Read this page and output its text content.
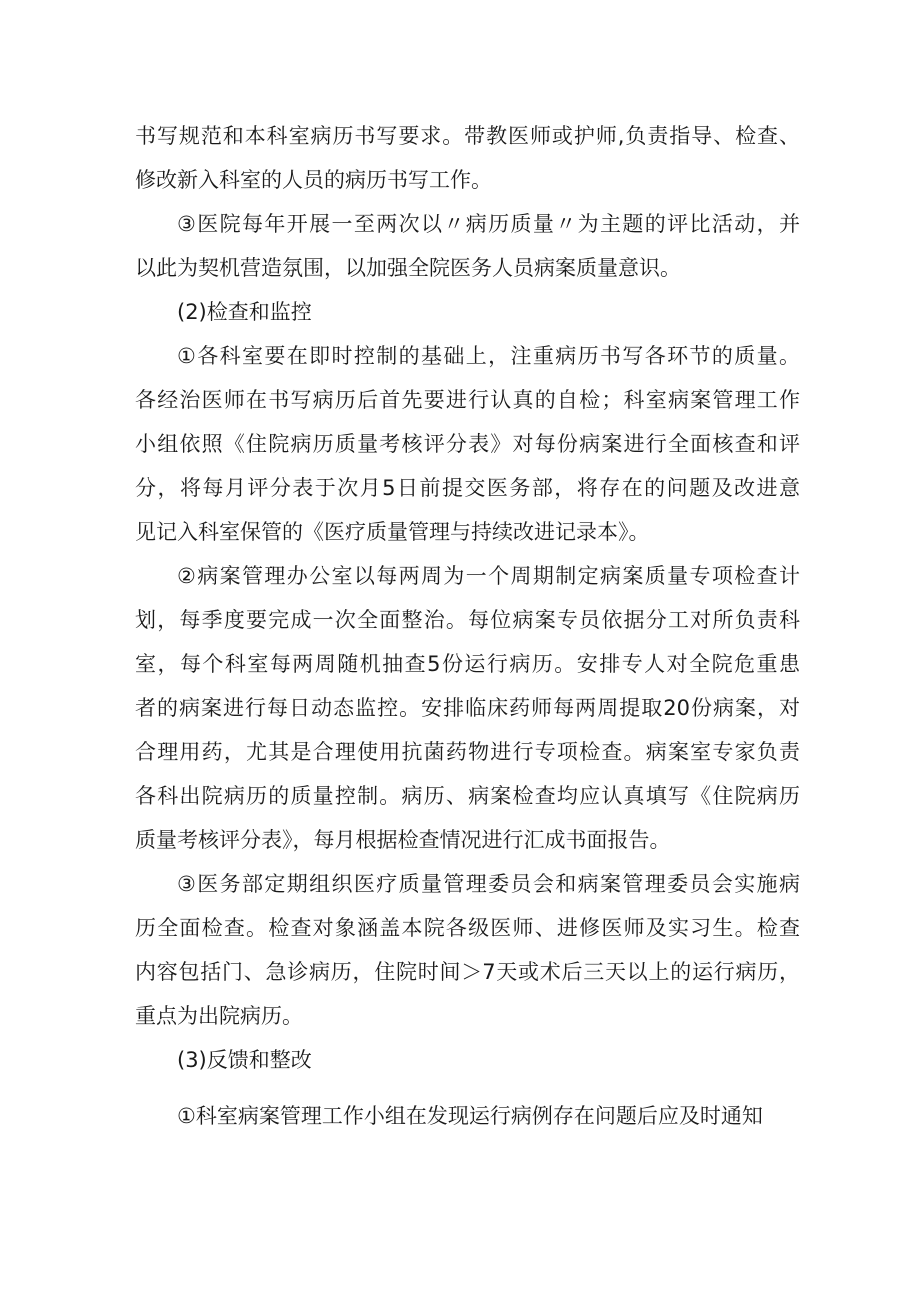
书写规范和本科室病历书写要求。带教医师或护师,负责指导、检查、

修改新入科室的人员的病历书写工作。

③医院每年开展一至两次以〃病历质量〃为主题的评比活动，并

以此为契机营造氛围，以加强全院医务人员病案质量意识。

(2)检查和监控

①各科室要在即时控制的基础上，注重病历书写各环节的质量。

各经治医师在书写病历后首先要进行认真的自检；科室病案管理工作

小组依照《住院病历质量考核评分表》对每份病案进行全面核查和评

分，将每月评分表于次月5日前提交医务部，将存在的问题及改进意

见记入科室保管的《医疗质量管理与持续改进记录本》。

②病案管理办公室以每两周为一个周期制定病案质量专项检查计

划，每季度要完成一次全面整治。每位病案专员依据分工对所负责科

室，每个科室每两周随机抽查5份运行病历。安排专人对全院危重患

者的病案进行每日动态监控。安排临床药师每两周提取20份病案，对

合理用药，尤其是合理使用抗菌药物进行专项检查。病案室专家负责

各科出院病历的质量控制。病历、病案检查均应认真填写《住院病历

质量考核评分表》，每月根据检查情况进行汇成书面报告。

③医务部定期组织医疗质量管理委员会和病案管理委员会实施病

历全面检查。检查对象涵盖本院各级医师、进修医师及实习生。检查

内容包括门、急诊病历，住院时间＞7天或术后三天以上的运行病历，

重点为出院病历。

(3)反馈和整改

①科室病案管理工作小组在发现运行病例存在问题后应及时通知
